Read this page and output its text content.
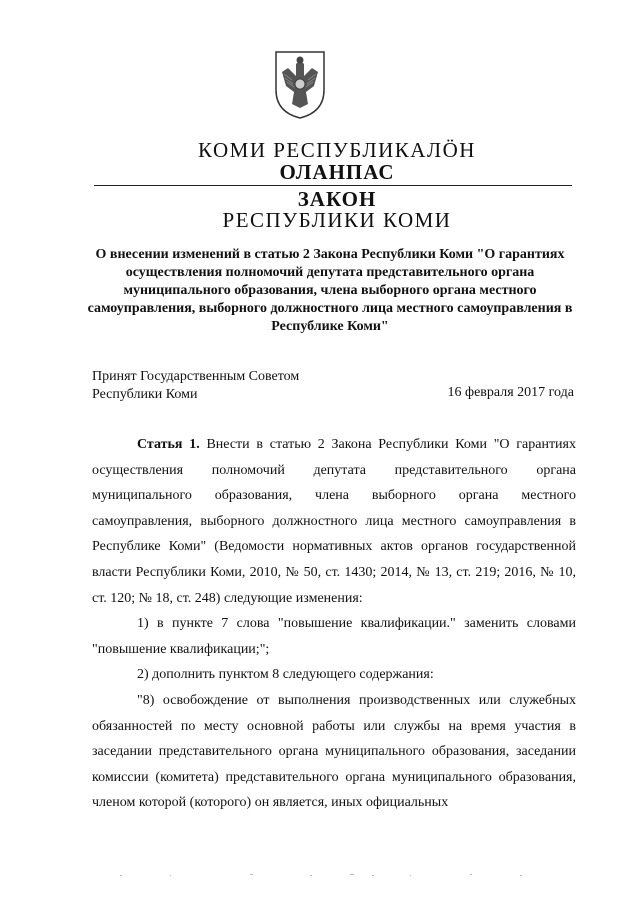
КОМИ РЕСПУБЛИКАЛӦН
ОЛАНПАС
ЗАКОН
РЕСПУБЛИКИ КОМИ
О внесении изменений в статью 2 Закона Республики Коми "О гарантиях осуществления полномочий депутата представительного органа муниципального образования, члена выборного органа местного самоуправления, выборного должностного лица местного самоуправления в Республике Коми"
Принят Государственным Советом
Республики Коми	16 февраля 2017 года

Статья 1. Внести в статью 2 Закона Республики Коми "О гарантиях осуществления полномочий депутата представительного органа муниципального образования, члена выборного органа местного самоуправления, выборного должностного лица местного самоуправления в Республике Коми" (Ведомости нормативных актов органов государственной власти Республики Коми, 2010, № 50, ст. 1430; 2014, № 13, ст. 219; 2016, № 10, ст. 120; № 18, ст. 248) следующие изменения:

1) в пункте 7 слова "повышение квалификации." заменить словами "повышение квалификации;";

2) дополнить пунктом 8 следующего содержания:

"8) освобождение от выполнения производственных или служебных обязанностей по месту основной работы или службы на время участия в заседании представительного органа муниципального образования, заседании комиссии (комитета) представительного органа муниципального образования, членом которой (которого) он является, иных официальных
